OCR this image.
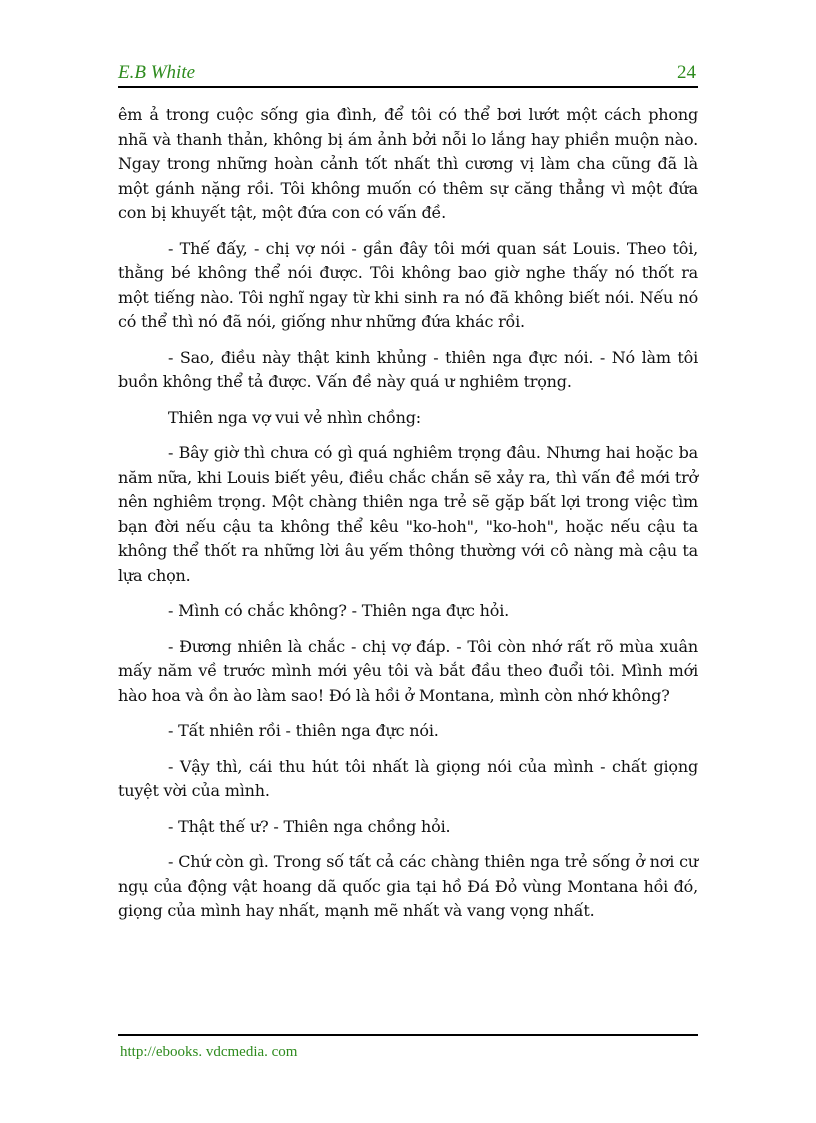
E.B White	24

êm ả trong cuộc sống gia đình, để tôi có thể bơi lướt một cách phong nhã và thanh thản, không bị ám ảnh bởi nỗi lo lắng hay phiền muộn nào. Ngay trong những hoàn cảnh tốt nhất thì cương vị làm cha cũng đã là một gánh nặng rồi. Tôi không muốn có thêm sự căng thẳng vì một đứa con bị khuyết tật, một đứa con có vấn đề.

- Thế đấy, - chị vợ nói - gần đây tôi mới quan sát Louis. Theo tôi, thằng bé không thể nói được. Tôi không bao giờ nghe thấy nó thốt ra một tiếng nào. Tôi nghĩ ngay từ khi sinh ra nó đã không biết nói. Nếu nó có thể thì nó đã nói, giống như những đứa khác rồi.

- Sao, điều này thật kinh khủng - thiên nga đực nói. - Nó làm tôi buồn không thể tả được. Vấn đề này quá ư nghiêm trọng.

Thiên nga vợ vui vẻ nhìn chồng:

- Bây giờ thì chưa có gì quá nghiêm trọng đâu. Nhưng hai hoặc ba năm nữa, khi Louis biết yêu, điều chắc chắn sẽ xảy ra, thì vấn đề mới trở nên nghiêm trọng. Một chàng thiên nga trẻ sẽ gặp bất lợi trong việc tìm bạn đời nếu cậu ta không thể kêu "ko-hoh", "ko-hoh", hoặc nếu cậu ta không thể thốt ra những lời âu yếm thông thường với cô nàng mà cậu ta lựa chọn.

- Mình có chắc không? - Thiên nga đực hỏi.

- Đương nhiên là chắc - chị vợ đáp. - Tôi còn nhớ rất rõ mùa xuân mấy năm về trước mình mới yêu tôi và bắt đầu theo đuổi tôi. Mình mới hào hoa và ồn ào làm sao! Đó là hồi ở Montana, mình còn nhớ không?

- Tất nhiên rồi - thiên nga đực nói.

- Vậy thì, cái thu hút tôi nhất là giọng nói của mình - chất giọng tuyệt vời của mình.

- Thật thế ư? - Thiên nga chồng hỏi.

- Chứ còn gì. Trong số tất cả các chàng thiên nga trẻ sống ở nơi cư ngụ của động vật hoang dã quốc gia tại hồ Đá Đỏ vùng Montana hồi đó, giọng của mình hay nhất, mạnh mẽ nhất và vang vọng nhất.

http://ebooks. vdcmedia. com
